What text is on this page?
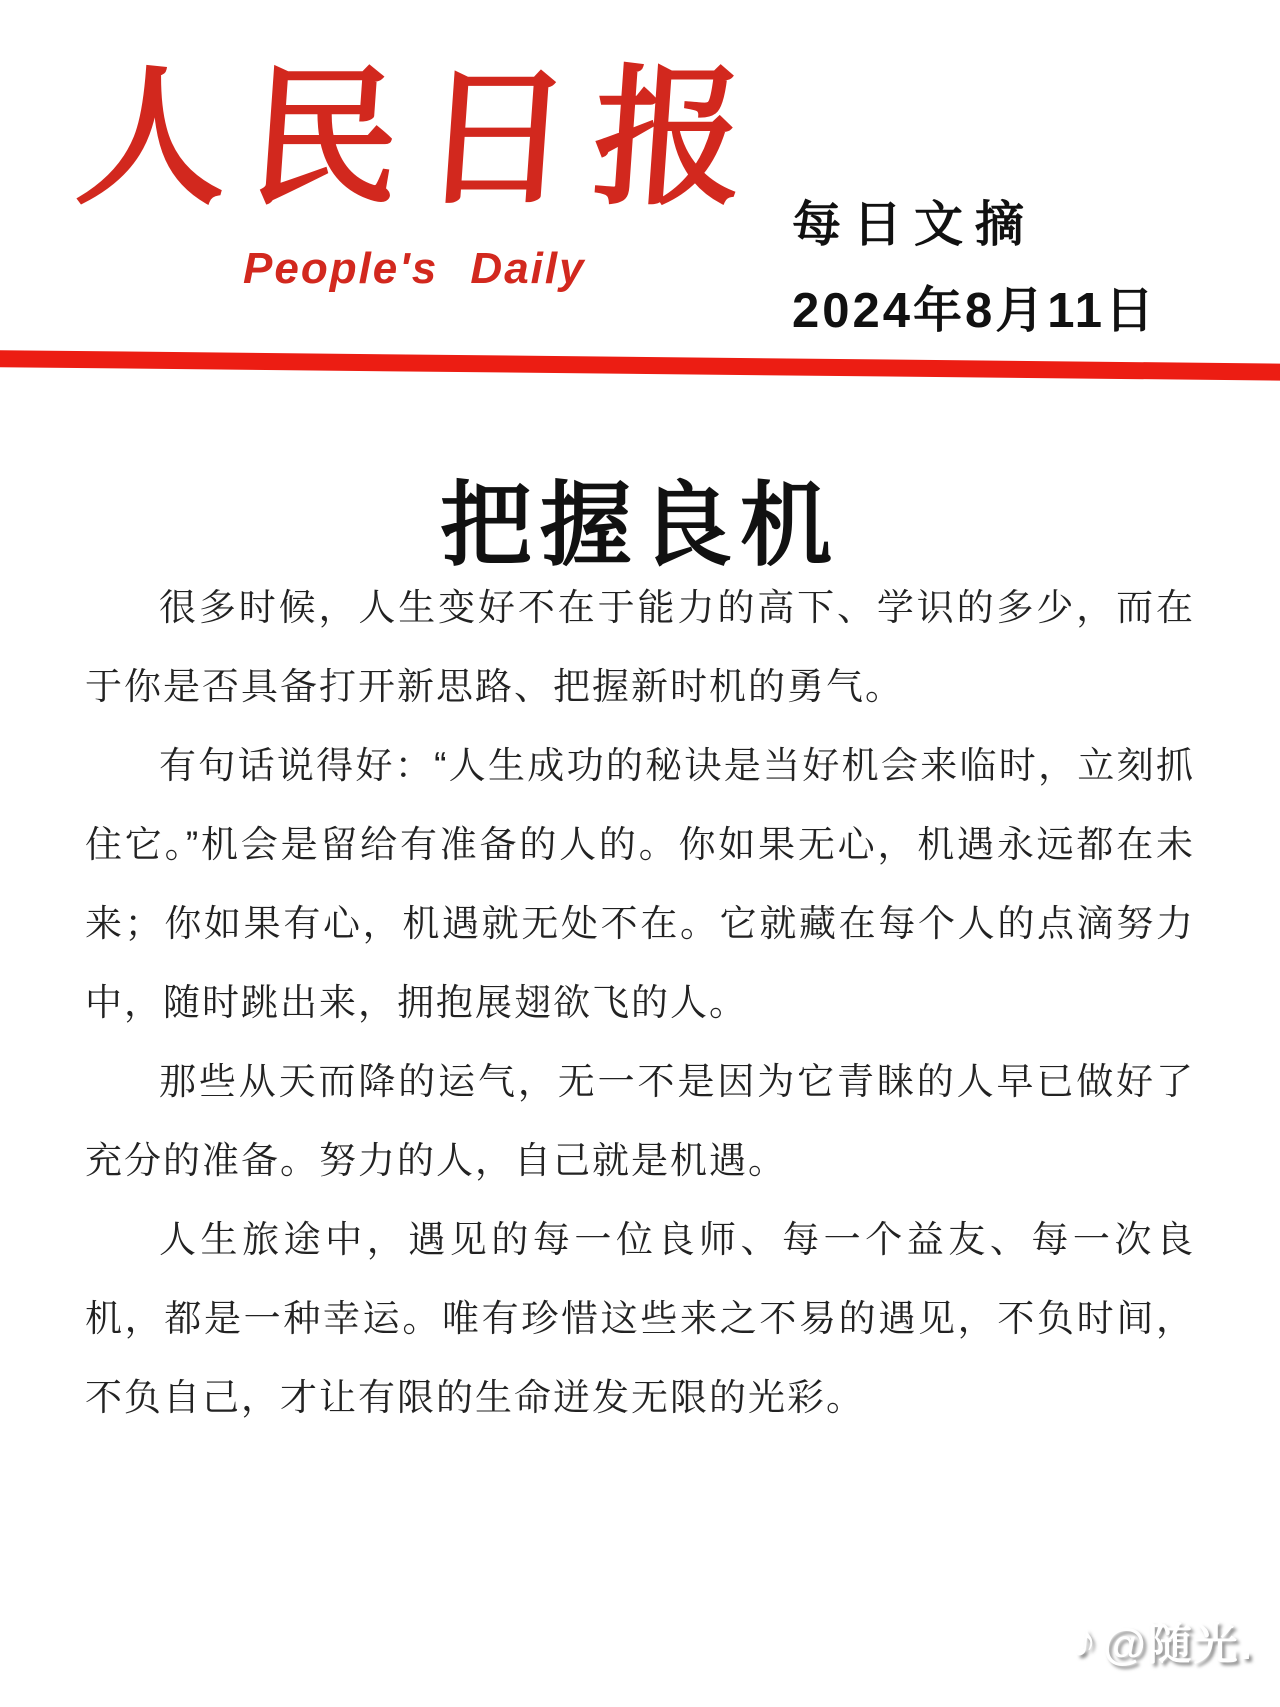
人民日报
People's Daily
每日文摘
2024年8月11日
把握良机

很多时候，人生变好不在于能力的高下、学识的多少，而在于你是否具备打开新思路、把握新时机的勇气。

有句话说得好：“人生成功的秘诀是当好机会来临时，立刻抓住它。”机会是留给有准备的人的。你如果无心，机遇永远都在未来；你如果有心，机遇就无处不在。它就藏在每个人的点滴努力中，随时跳出来，拥抱展翅欲飞的人。

那些从天而降的运气，无一不是因为它青睐的人早已做好了充分的准备。努力的人，自己就是机遇。

人生旅途中，遇见的每一位良师、每一个益友、每一次良机，都是一种幸运。唯有珍惜这些来之不易的遇见，不负时间，不负自己，才让有限的生命迸发无限的光彩。

♪ @随光.
